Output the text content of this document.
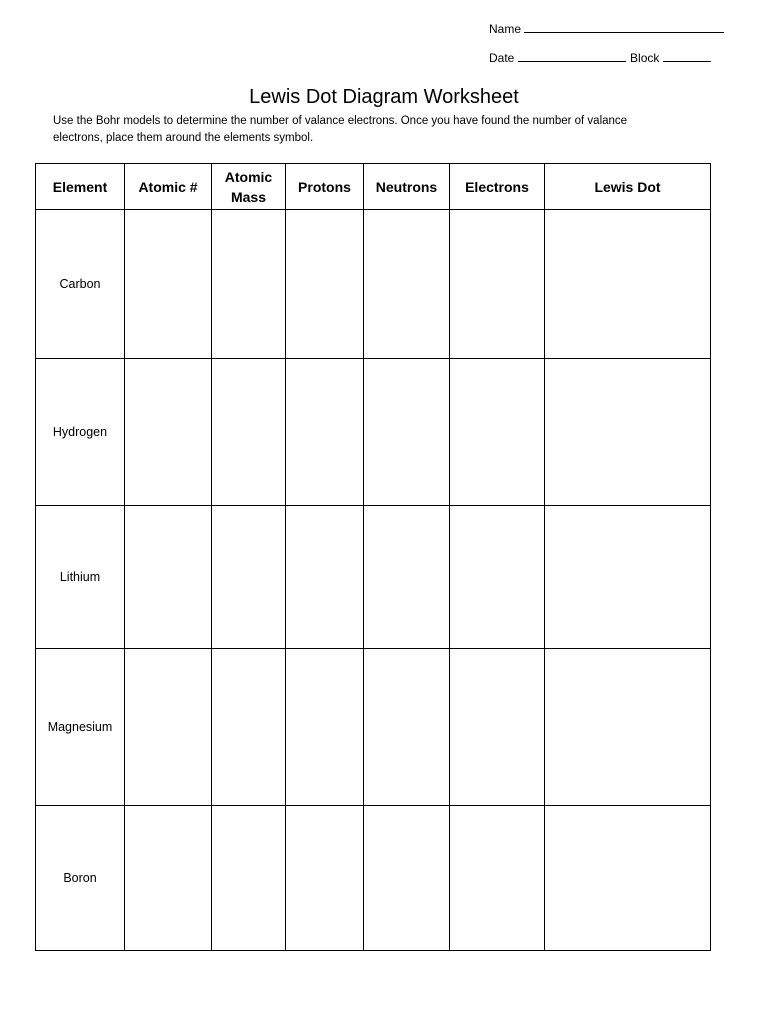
Name
Date	Block
Lewis Dot Diagram Worksheet
Use the Bohr models to determine the number of valance electrons. Once you have found the number of valance
electrons, place them around the elements symbol.
Element	Atomic #	Atomic Mass	Protons	Neutrons	Electrons	Lewis Dot
Carbon						
Hydrogen						
Lithium						
Magnesium						
Boron						
